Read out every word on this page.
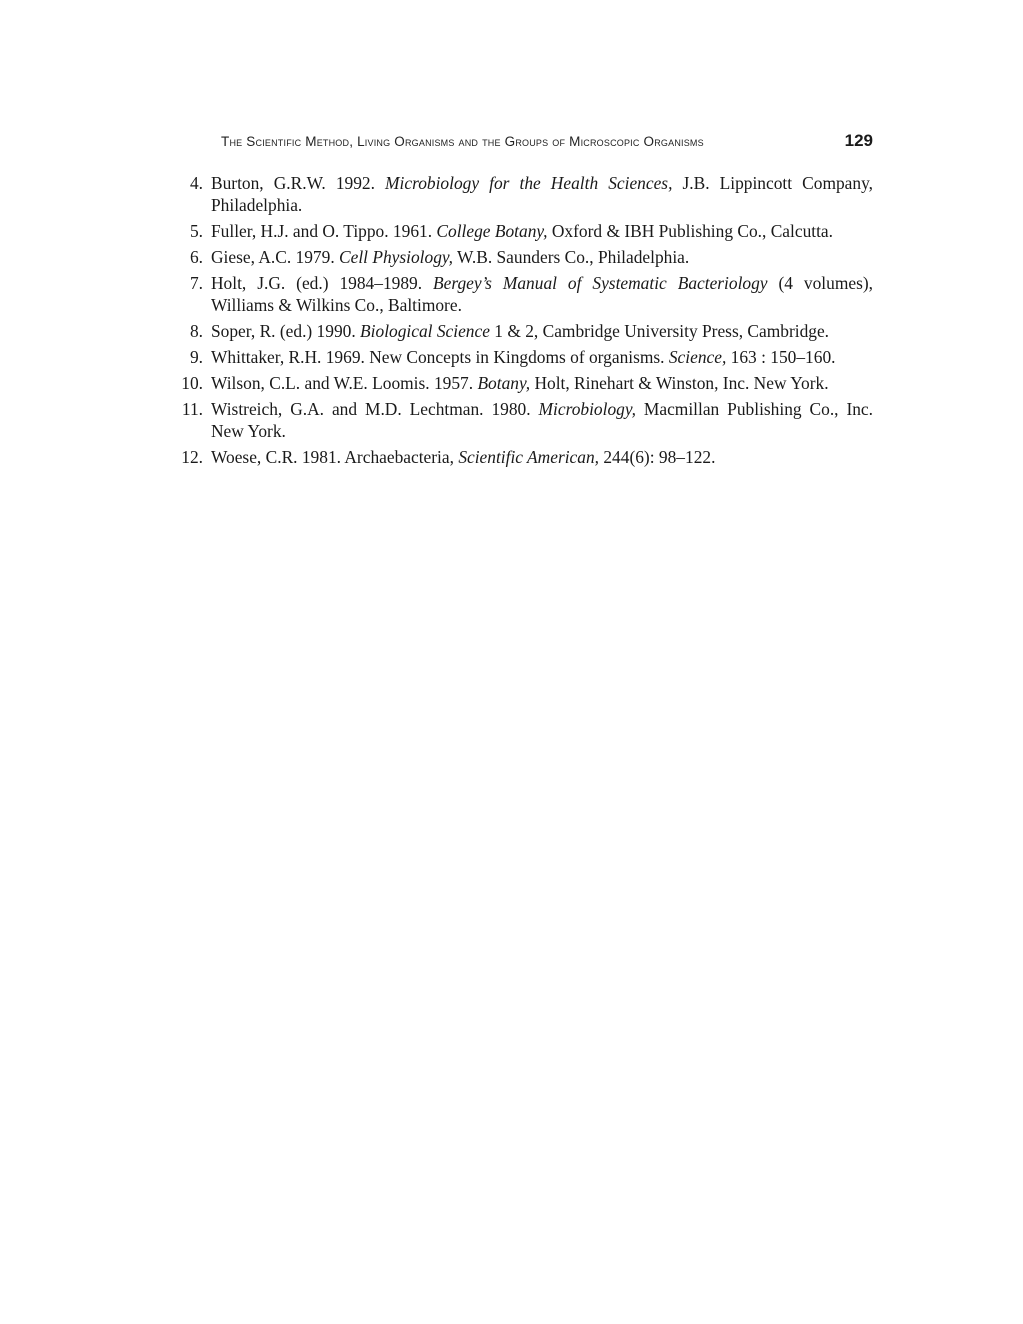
The Scientific Method, Living Organisms and the Groups of Microscopic Organisms	129
4. Burton, G.R.W. 1992. Microbiology for the Health Sciences, J.B. Lippincott Company, Philadelphia.
5. Fuller, H.J. and O. Tippo. 1961. College Botany, Oxford & IBH Publishing Co., Calcutta.
6. Giese, A.C. 1979. Cell Physiology, W.B. Saunders Co., Philadelphia.
7. Holt, J.G. (ed.) 1984–1989. Bergey’s Manual of Systematic Bacteriology (4 volumes), Williams & Wilkins Co., Baltimore.
8. Soper, R. (ed.) 1990. Biological Science 1 & 2, Cambridge University Press, Cambridge.
9. Whittaker, R.H. 1969. New Concepts in Kingdoms of organisms. Science, 163 : 150–160.
10. Wilson, C.L. and W.E. Loomis. 1957. Botany, Holt, Rinehart & Winston, Inc. New York.
11. Wistreich, G.A. and M.D. Lechtman. 1980. Microbiology, Macmillan Publishing Co., Inc. New York.
12. Woese, C.R. 1981. Archaebacteria, Scientific American, 244(6): 98–122.
